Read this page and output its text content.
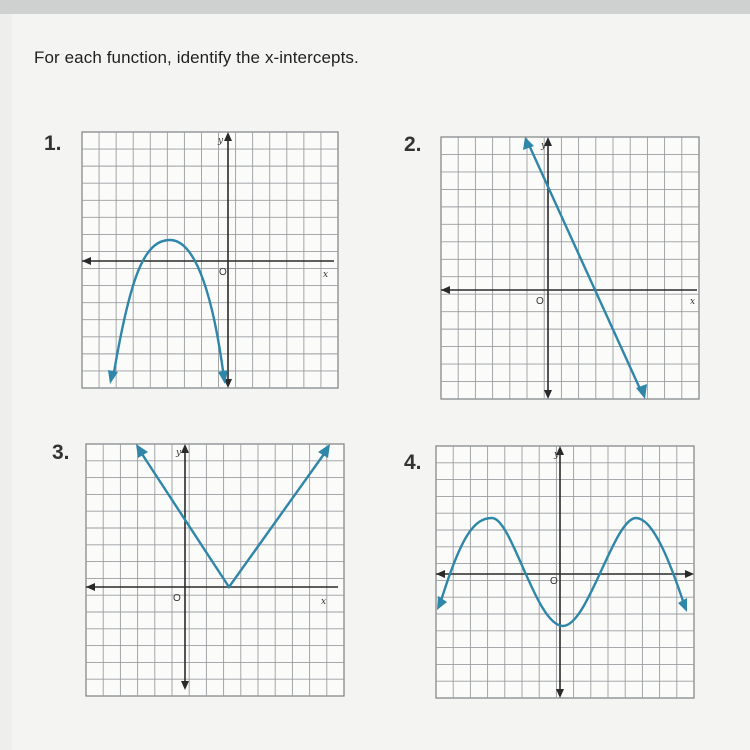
For each function, identify the x-intercepts.
1.	2.
3.	4.
y
x
O
y
x
O
y
x
O
y
O
